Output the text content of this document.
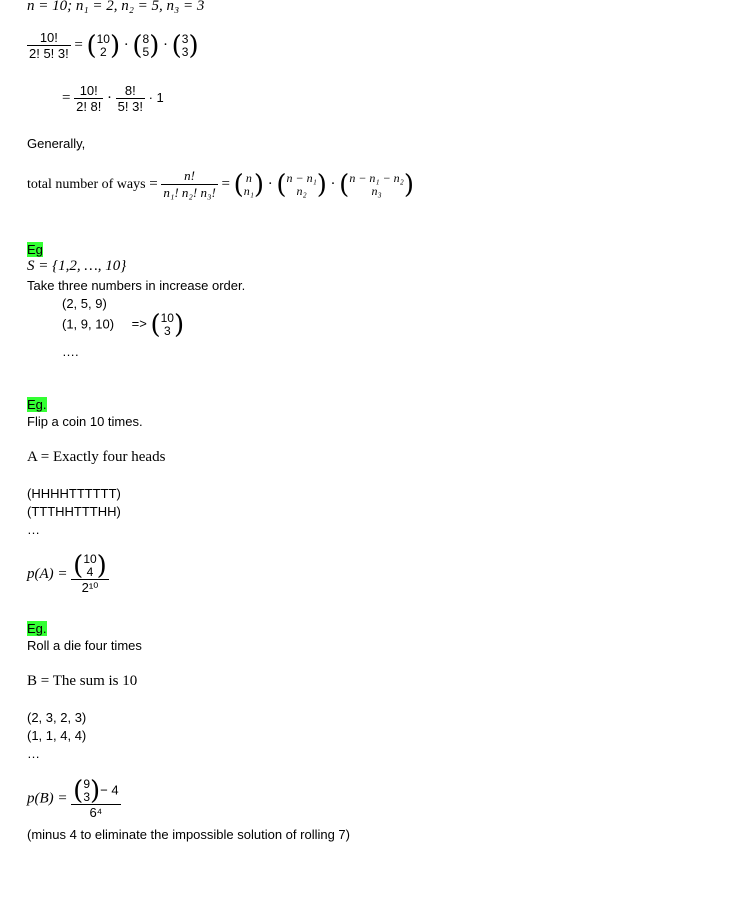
n = 10; n₁ = 2, n₂ = 5, n₃ = 3
$\frac{10!}{2! 5! 3!}$ = ( 10
2 ) · ( 8
5 ) · ( 3
3 )
= $\frac{10!}{2! 8!} \cdot \frac{8!}{5! 3!} \cdot 1$
Generally,
total number of ways = $\frac{n!}{\text{n₁! n₂! n₃!}}$ = ( n
n₁ ) · ( n − n₁
n₂ ) · ( n − n₁ − n₂
n₃ )
Eg
S = {1,2, …, 10}
Take three numbers in increase order.
(2, 5, 9)
(1, 9, 10) => ( 10
3 )
….
Eg.
Flip a coin 10 times.
A = Exactly four heads
(HHHHTTTTTT)
(TTTHHTTTHH)
…
p(A) = ( 10
4 )
2¹⁰
Eg.
Roll a die four times
B = The sum is 10
(2, 3, 2, 3)
(1, 1, 4, 4)
…
p(B) = ( 9
3 )− 4
6⁴
(minus 4 to eliminate the impossible solution of rolling 7)
